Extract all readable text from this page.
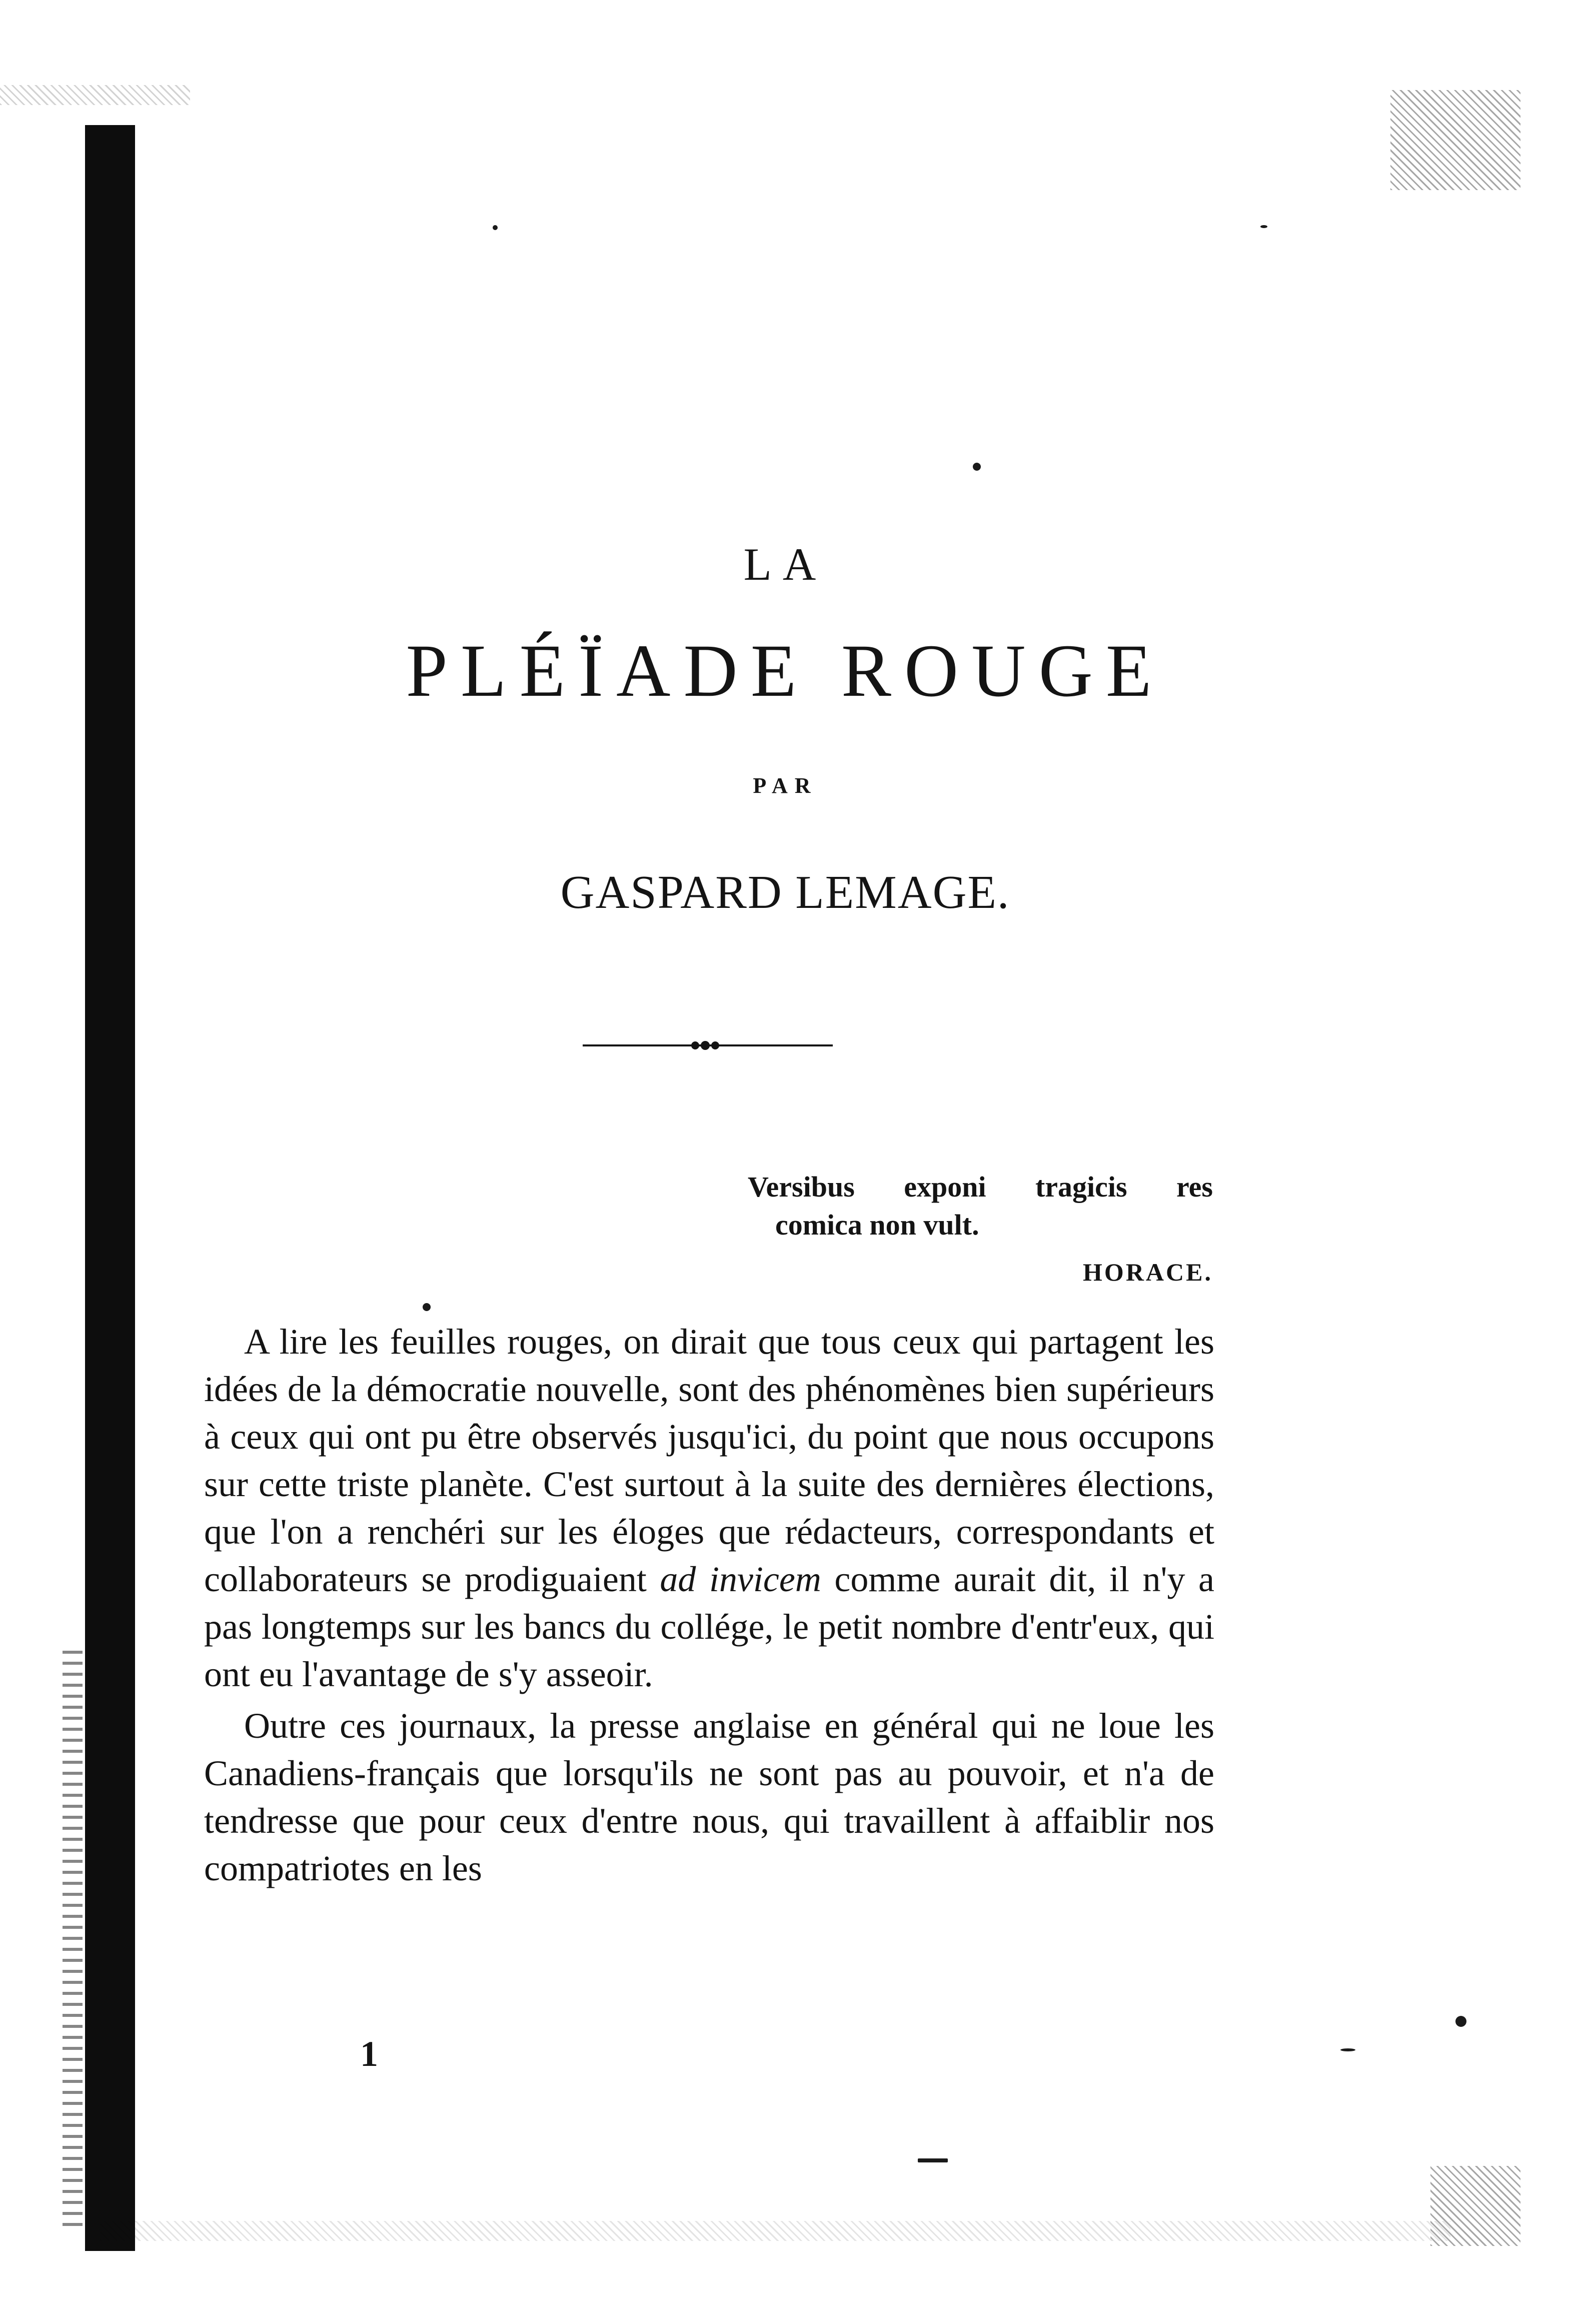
LA
PLÉÏADE ROUGE
PAR
GASPARD LEMAGE.
Versibus exponi tragicis res
comica non vult.
HORACE.

A lire les feuilles rouges, on dirait que tous ceux qui partagent les idées de la démocratie nouvelle, sont des phénomènes bien supérieurs à ceux qui ont pu être observés jusqu'ici, du point que nous occupons sur cette triste planète. C'est surtout à la suite des dernières élections, que l'on a renchéri sur les éloges que rédacteurs, correspondants et collaborateurs se prodiguaient ad invicem comme aurait dit, il n'y a pas longtemps sur les bancs du collége, le petit nombre d'entr'eux, qui ont eu l'avantage de s'y asseoir.

Outre ces journaux, la presse anglaise en général qui ne loue les Canadiens-français que lorsqu'ils ne sont pas au pouvoir, et n'a de tendresse que pour ceux d'entre nous, qui travaillent à affaiblir nos compatriotes en les

1
